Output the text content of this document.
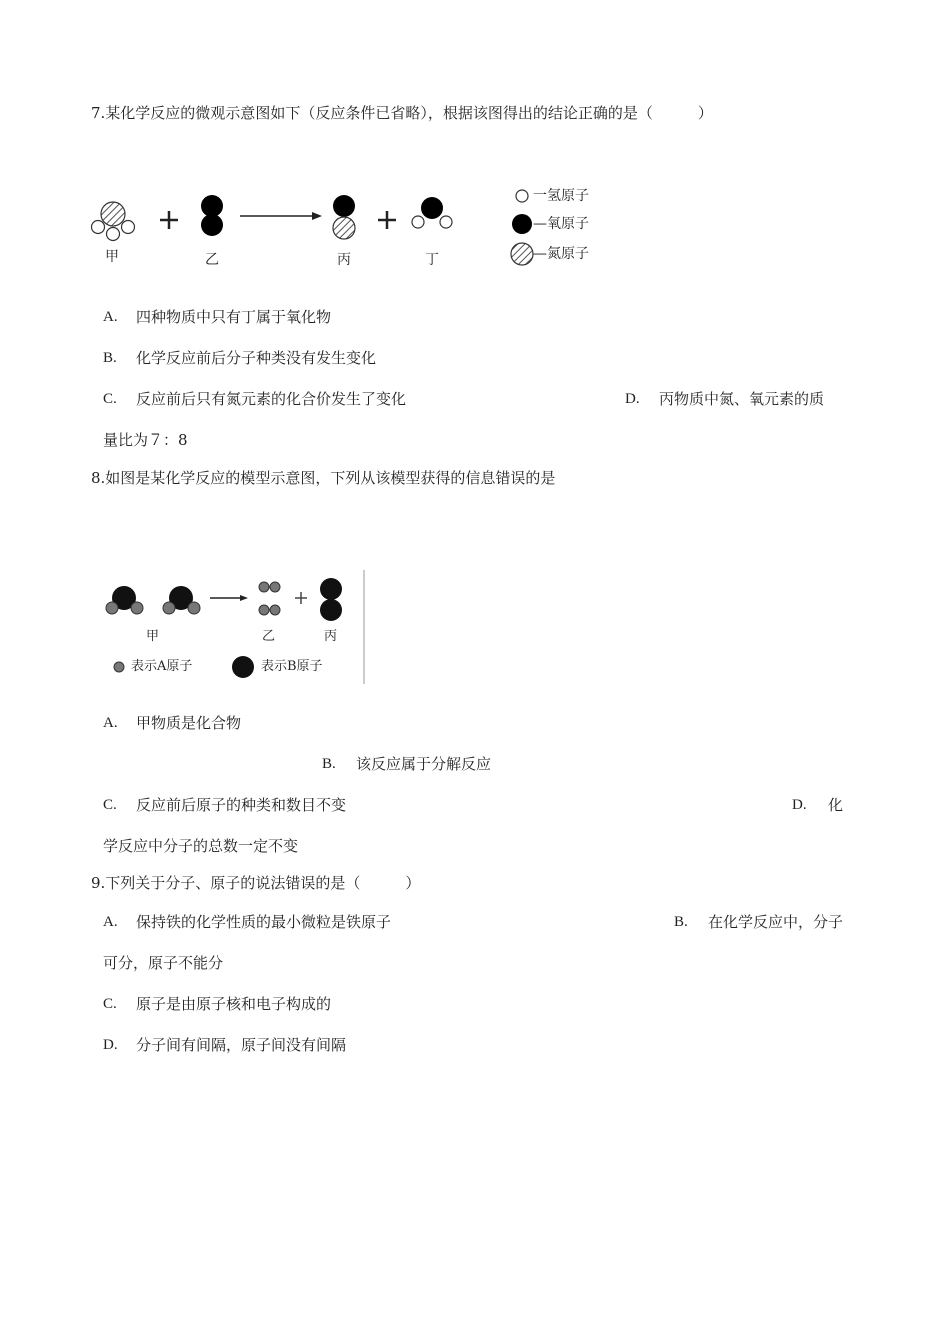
7.某化学反应的微观示意图如下（反应条件已省略），根据该图得出的结论正确的是（　　　）
甲	乙	丙	丁
一氢原子
—氧原子
—氮原子
A. 四种物质中只有丁属于氧化物
B. 化学反应前后分子种类没有发生变化
C. 反应前后只有氮元素的化合价发生了变化	D. 丙物质中氮、氧元素的质
量比为７：8
8.如图是某化学反应的模型示意图，下列从该模型获得的信息错误的是
甲	乙	丙
表示A原子	表示B原子
A. 甲物质是化合物
B. 该反应属于分解反应
C. 反应前后原子的种类和数目不变	D. 化
学反应中分子的总数一定不变
9.下列关于分子、原子的说法错误的是（　　　）
A. 保持铁的化学性质的最小微粒是铁原子	B. 在化学反应中，分子
可分，原子不能分
C. 原子是由原子核和电子构成的
D. 分子间有间隔，原子间没有间隔
